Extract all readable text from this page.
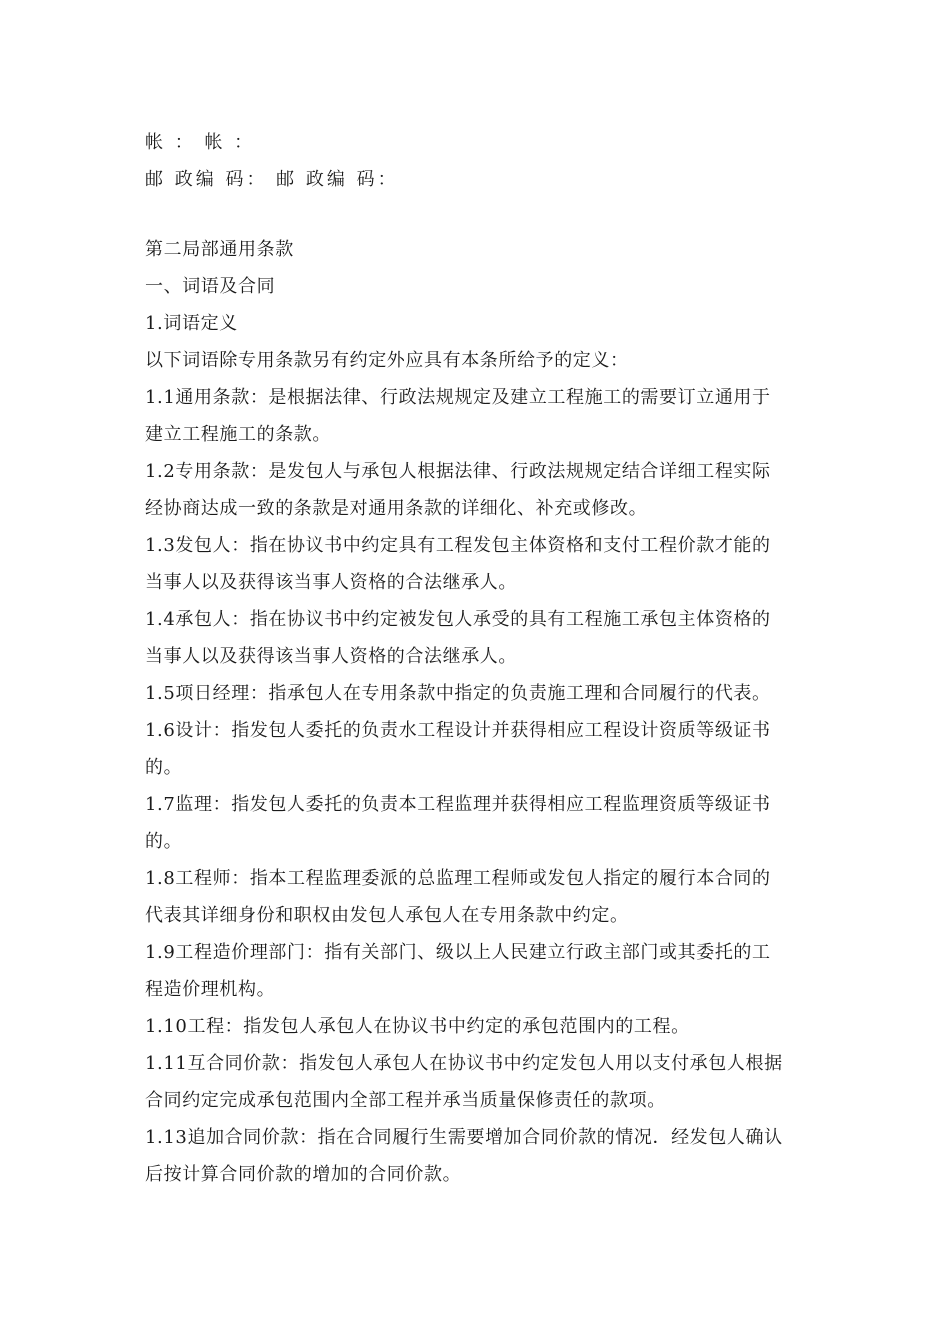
帐 ： 帐 ：
邮 政编 码： 邮 政编 码：
第二局部通用条款
一、词语及合同
1.词语定义
以下词语除专用条款另有约定外应具有本条所给予的定义：
1.1通用条款：是根据法律、行政法规规定及建立工程施工的需要订立通用于
建立工程施工的条款。
1.2专用条款：是发包人与承包人根据法律、行政法规规定结合详细工程实际
经协商达成一致的条款是对通用条款的详细化、补充或修改。
1.3发包人：指在协议书中约定具有工程发包主体资格和支付工程价款才能的
当事人以及获得该当事人资格的合法继承人。
1.4承包人：指在协议书中约定被发包人承受的具有工程施工承包主体资格的
当事人以及获得该当事人资格的合法继承人。
1.5项日经理：指承包人在专用条款中指定的负责施工理和合同履行的代表。
1.6设计：指发包人委托的负责水工程设计并获得相应工程设计资质等级证书
的。
1.7监理：指发包人委托的负责本工程监理并获得相应工程监理资质等级证书
的。
1.8工程师：指本工程监理委派的总监理工程师或发包人指定的履行本合同的
代表其详细身份和职权由发包人承包人在专用条款中约定。
1.9工程造价理部门：指有关部门、级以上人民建立行政主部门或其委托的工
程造价理机构。
1.10工程：指发包人承包人在协议书中约定的承包范围内的工程。
1.11互合同价款：指发包人承包人在协议书中约定发包人用以支付承包人根据
合同约定完成承包范围内全部工程并承当质量保修责任的款项。
1.13追加合同价款：指在合同履行生需要增加合同价款的情况．经发包人确认
后按计算合同价款的增加的合同价款。
